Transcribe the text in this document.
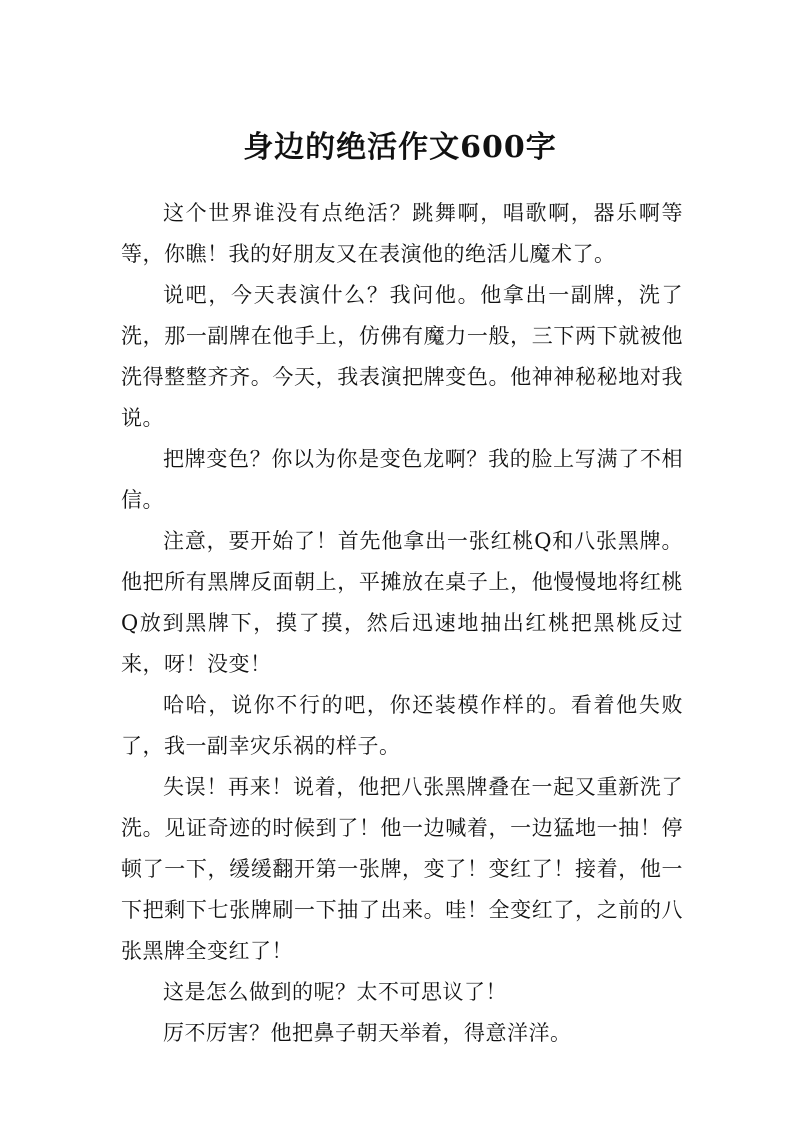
身边的绝活作文600字

这个世界谁没有点绝活？跳舞啊，唱歌啊，器乐啊等等，你瞧！我的好朋友又在表演他的绝活儿魔术了。

说吧，今天表演什么？我问他。他拿出一副牌，洗了洗，那一副牌在他手上，仿佛有魔力一般，三下两下就被他洗得整整齐齐。今天，我表演把牌变色。他神神秘秘地对我说。

把牌变色？你以为你是变色龙啊？我的脸上写满了不相信。

注意，要开始了！首先他拿出一张红桃Q和八张黑牌。他把所有黑牌反面朝上，平摊放在桌子上，他慢慢地将红桃Q放到黑牌下，摸了摸，然后迅速地抽出红桃把黑桃反过来，呀！没变！

哈哈，说你不行的吧，你还装模作样的。看着他失败了，我一副幸灾乐祸的样子。

失误！再来！说着，他把八张黑牌叠在一起又重新洗了洗。见证奇迹的时候到了！他一边喊着，一边猛地一抽！停顿了一下，缓缓翻开第一张牌，变了！变红了！接着，他一下把剩下七张牌刷一下抽了出来。哇！全变红了，之前的八张黑牌全变红了！

这是怎么做到的呢？太不可思议了！

厉不厉害？他把鼻子朝天举着，得意洋洋。
